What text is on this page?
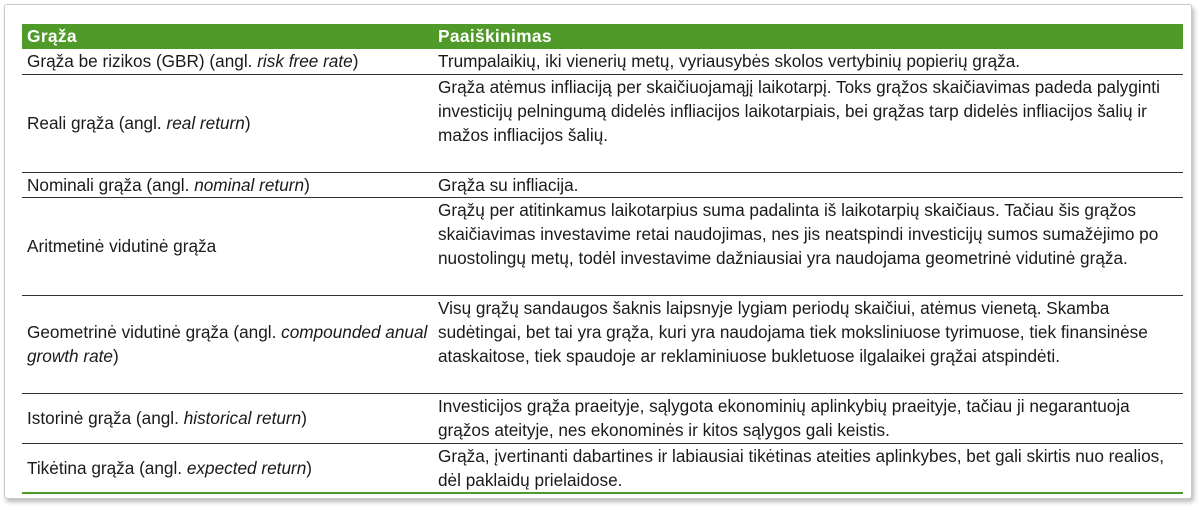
Grąža	Paaiškinimas
Grąža be rizikos (GBR) (angl. risk free rate)	Trumpalaikių, iki vienerių metų, vyriausybės skolos vertybinių popierių grąža.
Reali grąža (angl. real return)	Grąža atėmus infliaciją per skaičiuojamąjį laikotarpį. Toks grąžos skaičiavimas padeda palyginti investicijų pelningumą didelės infliacijos laikotarpiais, bei grąžas tarp didelės infliacijos šalių ir mažos infliacijos šalių.
Nominali grąža (angl. nominal return)	Grąža su infliacija.
Aritmetinė vidutinė grąža	Grąžų per atitinkamus laikotarpius suma padalinta iš laikotarpių skaičiaus. Tačiau šis grąžos skaičiavimas investavime retai naudojimas, nes jis neatspindi investicijų sumos sumažėjimo po nuostolingų metų, todėl investavime dažniausiai yra naudojama geometrinė vidutinė grąža.
Geometrinė vidutinė grąža (angl. compounded anual growth rate)	Visų grąžų sandaugos šaknis laipsnyje lygiam periodų skaičiui, atėmus vienetą. Skamba sudėtingai, bet tai yra grąža, kuri yra naudojama tiek moksliniuose tyrimuose, tiek finansinėse ataskaitose, tiek spaudoje ar reklaminiuose bukletuose ilgalaikei grąžai atspindėti.
Istorinė grąža (angl. historical return)	Investicijos grąža praeityje, sąlygota ekonominių aplinkybių praeityje, tačiau ji negarantuoja grąžos ateityje, nes ekonominės ir kitos sąlygos gali keistis.
Tikėtina grąža (angl. expected return)	Grąža, įvertinanti dabartines ir labiausiai tikėtinas ateities aplinkybes, bet gali skirtis nuo realios, dėl paklaidų prielaidose.
